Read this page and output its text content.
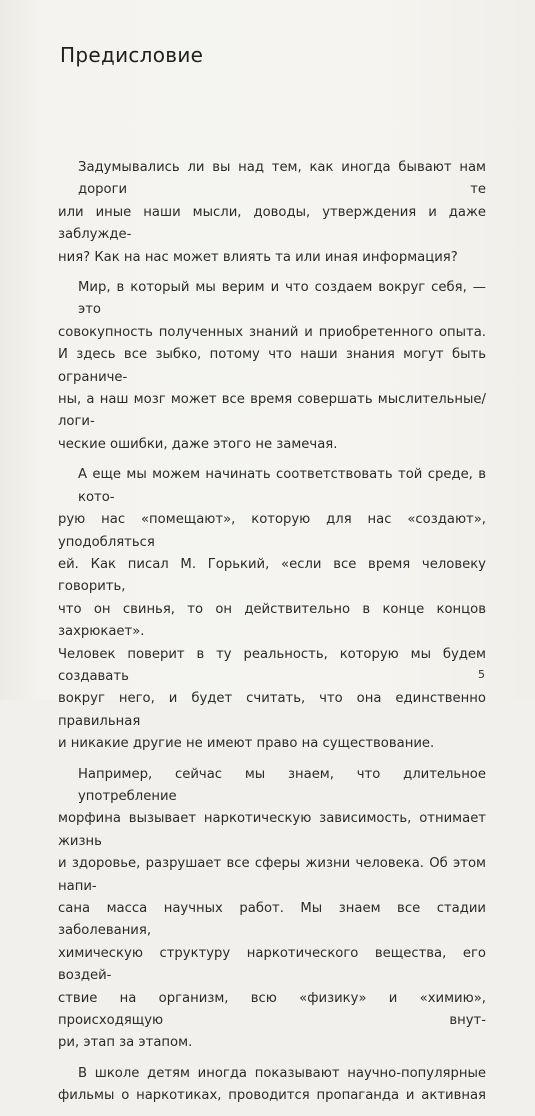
Предисловие

Задумывались ли вы над тем, как иногда бывают нам дороги те
или иные наши мысли, доводы, утверждения и даже заблужде-
ния? Как на нас может влиять та или иная информация?

Мир, в который мы верим и что создаем вокруг себя, — это
совокупность полученных знаний и приобретенного опыта.
И здесь все зыбко, потому что наши знания могут быть ограниче-
ны, а наш мозг может все время совершать мыслительные/логи-
ческие ошибки, даже этого не замечая.

А еще мы можем начинать соответствовать той среде, в кото-
рую нас «помещают», которую для нас «создают», уподобляться
ей. Как писал М. Горький, «если все время человеку говорить,
что он свинья, то он действительно в конце концов захрюкает».
Человек поверит в ту реальность, которую мы будем создавать
вокруг него, и будет считать, что она единственно правильная
и никакие другие не имеют право на существование.

Например, сейчас мы знаем, что длительное употребление
морфина вызывает наркотическую зависимость, отнимает жизнь
и здоровье, разрушает все сферы жизни человека. Об этом напи-
сана масса научных работ. Мы знаем все стадии заболевания,
химическую структуру наркотического вещества, его воздей-
ствие на организм, всю «физику» и «химию», происходящую внут-
ри, этап за этапом.

В школе детям иногда показывают научно-популярные
фильмы о наркотиках, проводится пропаганда и активная

5
